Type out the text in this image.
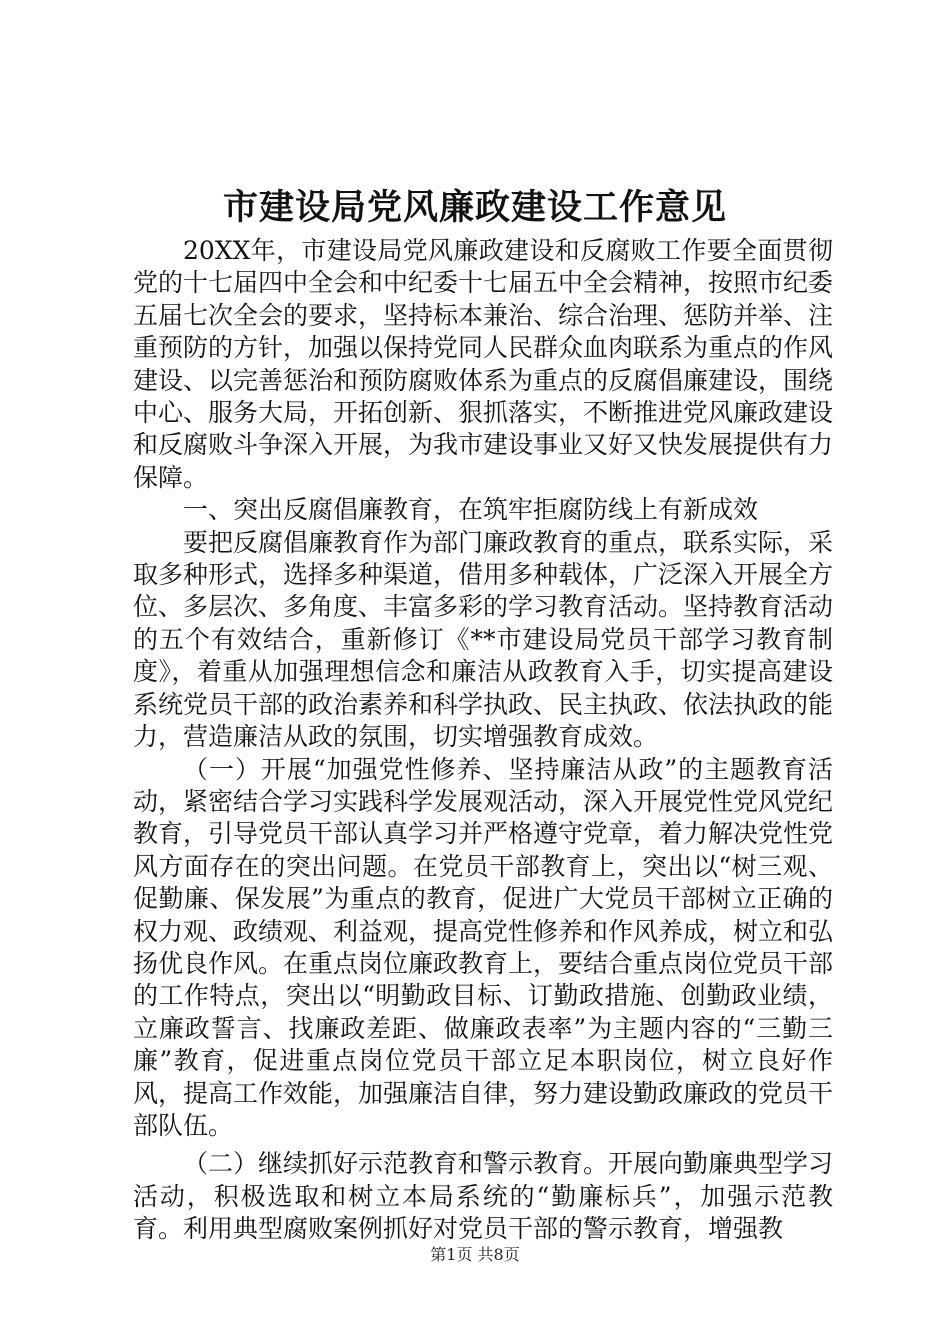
市建设局党风廉政建设工作意见

20XX年，市建设局党风廉政建设和反腐败工作要全面贯彻党的十七届四中全会和中纪委十七届五中全会精神，按照市纪委五届七次全会的要求，坚持标本兼治、综合治理、惩防并举、注重预防的方针，加强以保持党同人民群众血肉联系为重点的作风建设、以完善惩治和预防腐败体系为重点的反腐倡廉建设，围绕中心、服务大局，开拓创新、狠抓落实，不断推进党风廉政建设和反腐败斗争深入开展，为我市建设事业又好又快发展提供有力保障。

一、突出反腐倡廉教育，在筑牢拒腐防线上有新成效

要把反腐倡廉教育作为部门廉政教育的重点，联系实际，采取多种形式，选择多种渠道，借用多种载体，广泛深入开展全方位、多层次、多角度、丰富多彩的学习教育活动。坚持教育活动的五个有效结合，重新修订《**市建设局党员干部学习教育制度》，着重从加强理想信念和廉洁从政教育入手，切实提高建设系统党员干部的政治素养和科学执政、民主执政、依法执政的能力，营造廉洁从政的氛围，切实增强教育成效。

（一）开展“加强党性修养、坚持廉洁从政”的主题教育活动，紧密结合学习实践科学发展观活动，深入开展党性党风党纪教育，引导党员干部认真学习并严格遵守党章，着力解决党性党风方面存在的突出问题。在党员干部教育上，突出以“树三观、促勤廉、保发展”为重点的教育，促进广大党员干部树立正确的权力观、政绩观、利益观，提高党性修养和作风养成，树立和弘扬优良作风。在重点岗位廉政教育上，要结合重点岗位党员干部的工作特点，突出以“明勤政目标、订勤政措施、创勤政业绩，立廉政誓言、找廉政差距、做廉政表率”为主题内容的“三勤三廉”教育，促进重点岗位党员干部立足本职岗位，树立良好作风，提高工作效能，加强廉洁自律，努力建设勤政廉政的党员干部队伍。

（二）继续抓好示范教育和警示教育。开展向勤廉典型学习活动，积极选取和树立本局系统的“勤廉标兵”，加强示范教育。利用典型腐败案例抓好对党员干部的警示教育，增强教

第1页 共8页
